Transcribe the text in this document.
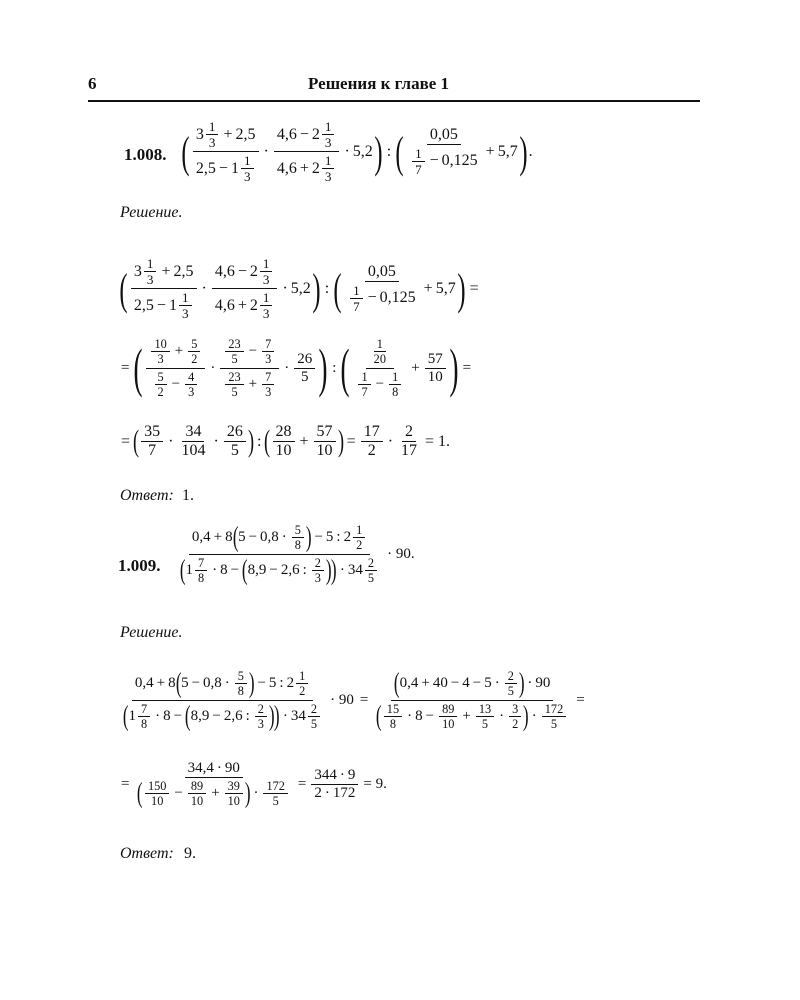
6	Решения к главе 1
1.008. ( 3 1
3 + 2,5
2,5 − 1 1
3
·
4,6 − 2 1
3
4,6 + 2 1
3
· 5,2 ) : ( 0,05
1
7 − 0,125
+ 5,7 ) .
Решение.
( 3 1
3 + 2,5
2,5 − 1 1
3
·
4,6 − 2 1
3
4,6 + 2 1
3
· 5,2 ) : ( 0,05
1
7 − 0,125
+ 5,7 ) =
= ( 10
$3 + \frac{5}{2}$
5
$2 - \frac{4}{3}$
·
23
$5 - \frac{7}{3}$
23
$5 + \frac{7}{3}$
·
26
5 ) : ( 1
20
1
$7 - \frac{1}{8}$
+ $\frac{57}{10}$ ) =
= ( 35
7
·
34
104
·
26
5 ) : ( 28
10
+ $\frac{57}{10}$ ) = $\frac{17}{2} \cdot \frac{2}{17} = 1$.
Ответ: 1.
1.009.
0,4 + 8 ( 5 − 0,8 · 5
8 ) − 5 : 2 1
2
( 1 7
8 · 8 − ( 8,9 − 2,6 : 2
3 ) ) · 34 2
5
· 90.
Решение.
0,4 + 8 ( 5 − 0,8 · 5
8 ) − 5 : 2 1
2
( 1 7
8 · 8 − ( 8,9 − 2,6 : 2
3 ) ) · 34 2
5
· 90 = ( 0,4 + 40 − 4 − 5 · 2
5 ) · 90
( 15
$8 \cdot 8 - \frac{89}{10} + \frac{13}{5} \cdot 3$
2 ) · 172
5 =
= 34,4 · 90
( 150
$10 - \frac{89}{10} + \frac{39}{10}$ ) · 172
$5 = \frac{344 \cdot 9}{2 \cdot 172} = 9$.
Ответ: 9.
